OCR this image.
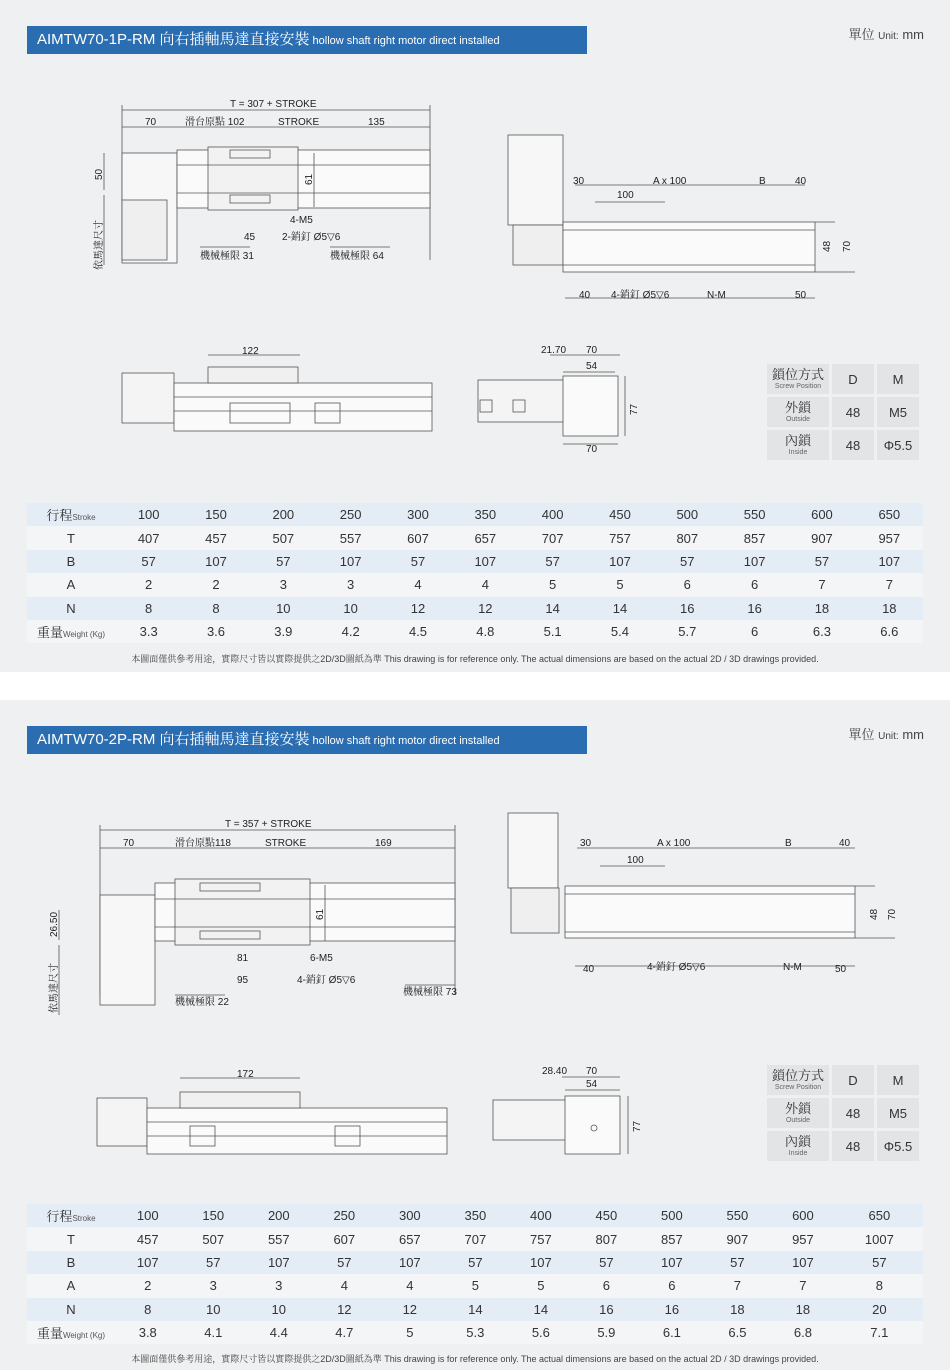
AIMTW70-1P-RM 向右插軸馬達直接安裝 hollow shaft right motor direct installed	單位 Unit: mm
70
T = 307 + STROKE
滑台原點 102	STROKE	135
50	61
4-M5
45	2-銷釘 Ø5▽6
依馬達尺寸	機械極限 31	機械極限 64
30	A x 100	B	40
100
48 70
40 4-銷釘 Ø5▽6	N-M	50
122	21.70 70
54
77
70
鎖位方式
Screw Position	D	M
外鎖
Outside	48	M5
內鎖
Inside	48	Φ5.5
行程Stroke	100	150	200	250	300	350	400	450	500	550	600	650
T	407	457	507	557	607	657	707	757	807	857	907	957
B	57	107	57	107	57	107	57	107	57	107	57	107
A	2	2	3	3	4	4	5	5	6	6	7	7
N	8	8	10	10	12	12	14	14	16	16	18	18
重量Weight (Kg)	3.3	3.6	3.9	4.2	4.5	4.8	5.1	5.4	5.7	6	6.3	6.6
本圖面僅供參考用途，實際尺寸皆以實際提供之2D/3D圖紙為準 This drawing is for reference only. The actual dimensions are based on the actual 2D / 3D drawings provided.
AIMTW70-2P-RM 向右插軸馬達直接安裝 hollow shaft right motor direct installed	單位 Unit: mm
70
T = 357 + STROKE
滑台原點118	STROKE	169
26.50	61
81	6-M5
95	4-銷釘 Ø5▽6
依馬達尺寸	機械極限 22
機械極限 73
30	A x 100	B	40
100
48 70
40	4-銷釘 Ø5▽6	N-M	50
172	28.40 70
54
77
鎖位方式
Screw Position	D	M
外鎖
Outside	48	M5
內鎖
Inside	48	Φ5.5
行程Stroke	100	150	200	250	300	350	400	450	500	550	600	650
T	457	507	557	607	657	707	757	807	857	907	957	1007
B	107	57	107	57	107	57	107	57	107	57	107	57
A	2	3	3	4	4	5	5	6	6	7	7	8
N	8	10	10	12	12	14	14	16	16	18	18	20
重量Weight (Kg)	3.8	4.1	4.4	4.7	5	5.3	5.6	5.9	6.1	6.5	6.8	7.1
本圖面僅供參考用途，實際尺寸皆以實際提供之2D/3D圖紙為準 This drawing is for reference only. The actual dimensions are based on the actual 2D / 3D drawings provided.
